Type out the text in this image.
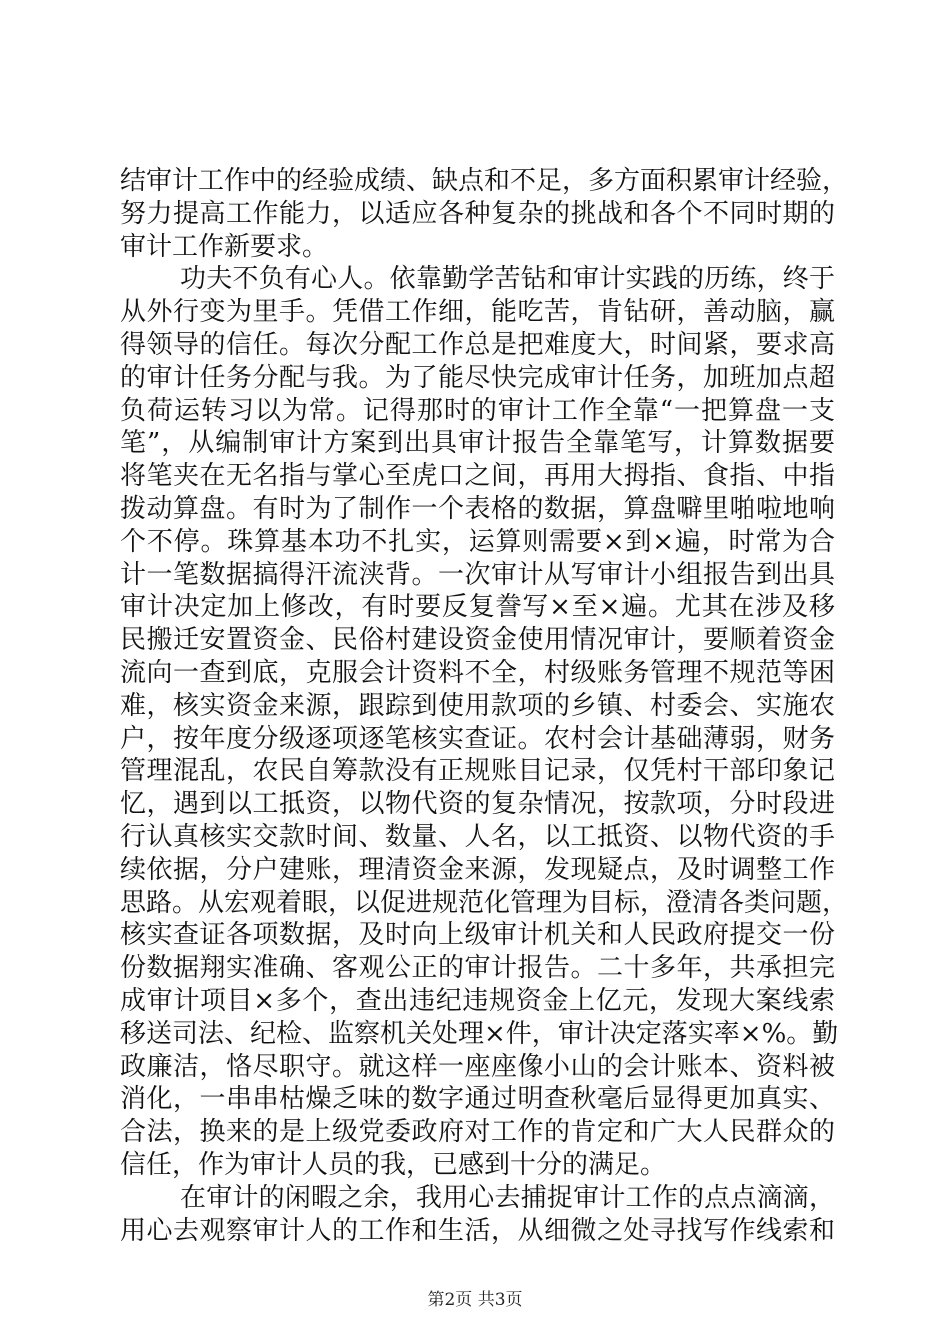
结审计工作中的经验成绩、缺点和不足，多方面积累审计经验，
努力提高工作能力，以适应各种复杂的挑战和各个不同时期的
审计工作新要求。
功夫不负有心人。依靠勤学苦钻和审计实践的历练，终于
从外行变为里手。凭借工作细，能吃苦，肯钻研，善动脑，赢
得领导的信任。每次分配工作总是把难度大，时间紧，要求高
的审计任务分配与我。为了能尽快完成审计任务，加班加点超
负荷运转习以为常。记得那时的审计工作全靠“一把算盘一支
笔”，从编制审计方案到出具审计报告全靠笔写，计算数据要
将笔夹在无名指与掌心至虎口之间，再用大拇指、食指、中指
拨动算盘。有时为了制作一个表格的数据，算盘噼里啪啦地响
个不停。珠算基本功不扎实，运算则需要×到×遍，时常为合
计一笔数据搞得汗流浃背。一次审计从写审计小组报告到出具
审计决定加上修改，有时要反复誊写×至×遍。尤其在涉及移
民搬迁安置资金、民俗村建设资金使用情况审计，要顺着资金
流向一查到底，克服会计资料不全，村级账务管理不规范等困
难，核实资金来源，跟踪到使用款项的乡镇、村委会、实施农
户，按年度分级逐项逐笔核实查证。农村会计基础薄弱，财务
管理混乱，农民自筹款没有正规账目记录，仅凭村干部印象记
忆，遇到以工抵资，以物代资的复杂情况，按款项，分时段进
行认真核实交款时间、数量、人名，以工抵资、以物代资的手
续依据，分户建账，理清资金来源，发现疑点，及时调整工作
思路。从宏观着眼，以促进规范化管理为目标，澄清各类问题，
核实查证各项数据，及时向上级审计机关和人民政府提交一份
份数据翔实准确、客观公正的审计报告。二十多年，共承担完
成审计项目×多个，查出违纪违规资金上亿元，发现大案线索
移送司法、纪检、监察机关处理×件，审计决定落实率×%。勤
政廉洁，恪尽职守。就这样一座座像小山的会计账本、资料被
消化，一串串枯燥乏味的数字通过明查秋毫后显得更加真实、
合法，换来的是上级党委政府对工作的肯定和广大人民群众的
信任，作为审计人员的我，已感到十分的满足。
在审计的闲暇之余，我用心去捕捉审计工作的点点滴滴，
用心去观察审计人的工作和生活，从细微之处寻找写作线索和
第2页 共3页
